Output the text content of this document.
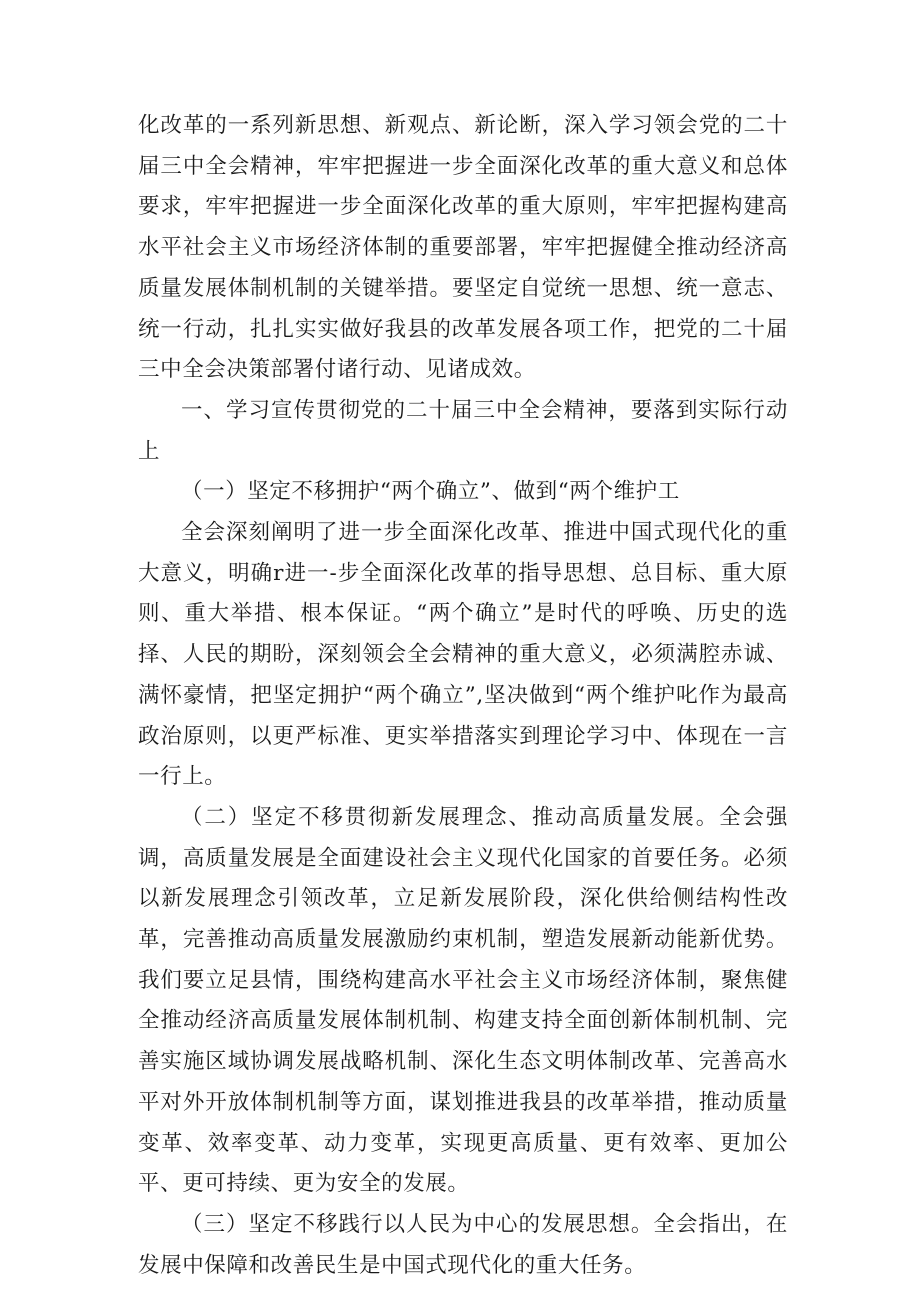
化改革的一系列新思想、新观点、新论断，深入学习领会党的二十届三中全会精神，牢牢把握进一步全面深化改革的重大意义和总体要求，牢牢把握进一步全面深化改革的重大原则，牢牢把握构建高水平社会主义市场经济体制的重要部署，牢牢把握健全推动经济高质量发展体制机制的关键举措。要坚定自觉统一思想、统一意志、统一行动，扎扎实实做好我县的改革发展各项工作，把党的二十届三中全会决策部署付诸行动、见诸成效。

一、学习宣传贯彻党的二十届三中全会精神，要落到实际行动上

（一）坚定不移拥护“两个确立”、做到“两个维护工

全会深刻阐明了进一步全面深化改革、推进中国式现代化的重大意义，明确r进一-步全面深化改革的指导思想、总目标、重大原则、重大举措、根本保证。“两个确立”是时代的呼唤、历史的选择、人民的期盼，深刻领会全会精神的重大意义，必须满腔赤诚、满怀豪情，把坚定拥护“两个确立”,坚决做到“两个维护叱作为最高政治原则，以更严标准、更实举措落实到理论学习中、体现在一言一行上。

（二）坚定不移贯彻新发展理念、推动高质量发展。全会强调，高质量发展是全面建设社会主义现代化国家的首要任务。必须以新发展理念引领改革，立足新发展阶段，深化供给侧结构性改革，完善推动高质量发展激励约束机制，塑造发展新动能新优势。我们要立足县情，围绕构建高水平社会主义市场经济体制，聚焦健全推动经济高质量发展体制机制、构建支持全面创新体制机制、完善实施区域协调发展战略机制、深化生态文明体制改革、完善高水平对外开放体制机制等方面，谋划推进我县的改革举措，推动质量变革、效率变革、动力变革，实现更高质量、更有效率、更加公平、更可持续、更为安全的发展。

（三）坚定不移践行以人民为中心的发展思想。全会指出，在发展中保障和改善民生是中国式现代化的重大任务。
